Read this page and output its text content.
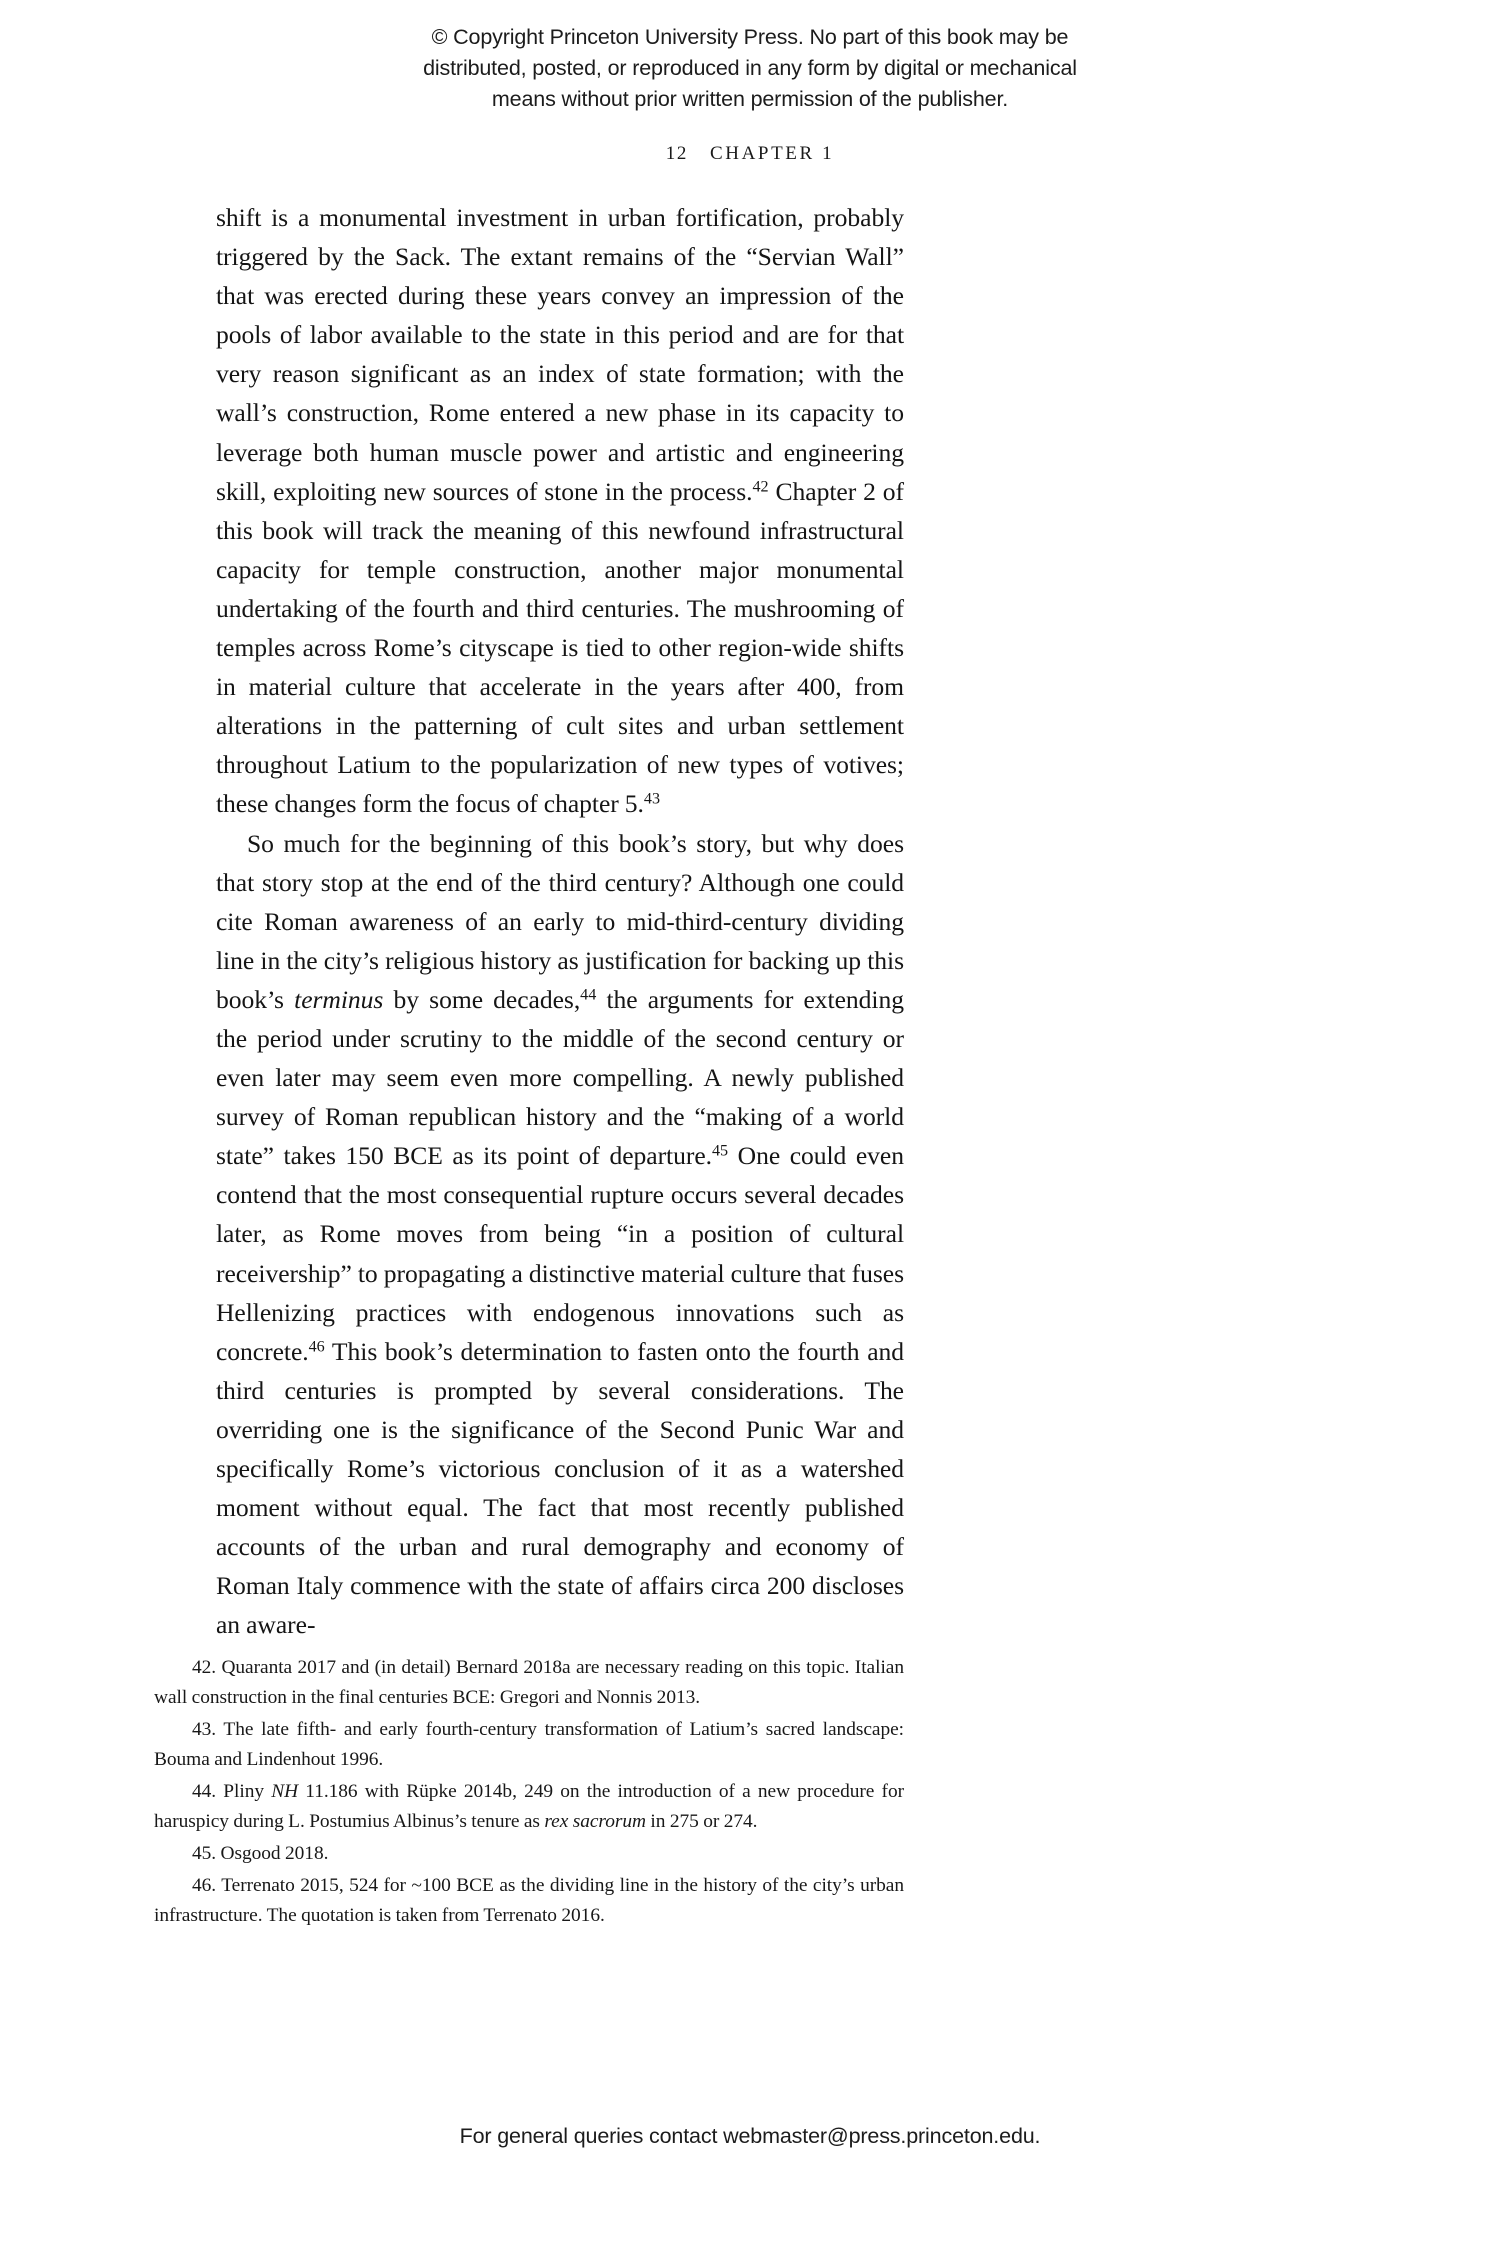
© Copyright Princeton University Press. No part of this book may be
distributed, posted, or reproduced in any form by digital or mechanical
means without prior written permission of the publisher.
12 CHAPTER 1

shift is a monumental investment in urban fortification, probably triggered by the Sack. The extant remains of the “Servian Wall” that was erected during these years convey an impression of the pools of labor available to the state in this period and are for that very reason significant as an index of state formation; with the wall’s construction, Rome entered a new phase in its capacity to leverage both human muscle power and artistic and engineering skill, exploiting new sources of stone in the process.$^{42}$ Chapter 2 of this book will track the meaning of this newfound infrastructural capacity for temple construction, another major monumental undertaking of the fourth and third centuries. The mushrooming of temples across Rome’s cityscape is tied to other region-wide shifts in material culture that accelerate in the years after 400, from alterations in the patterning of cult sites and urban settlement throughout Latium to the popularization of new types of votives; these changes form the focus of chapter 5.43

So much for the beginning of this book’s story, but why does that story stop at the end of the third century? Although one could cite Roman awareness of an early to mid-third-century dividing line in the city’s religious history as justification for backing up this book’s terminus by some decades,$^{44}$ the arguments for extending the period under scrutiny to the middle of the second century or even later may seem even more compelling. A newly published survey of Roman republican history and the “making of a world state” takes 150 BCE as its point of departure.$^{45}$ One could even contend that the most consequential rupture occurs several decades later, as Rome moves from being “in a position of cultural receivership” to propagating a distinctive material culture that fuses Hellenizing practices with endogenous innovations such as concrete.$^{46}$ This book’s determination to fasten onto the fourth and third centuries is prompted by several considerations. The overriding one is the significance of the Second Punic War and specifically Rome’s victorious conclusion of it as a watershed moment without equal. The fact that most recently published accounts of the urban and rural demography and economy of Roman Italy commence with the state of affairs circa 200 discloses an aware-

42. Quaranta 2017 and (in detail) Bernard 2018a are necessary reading on this topic. Italian wall construction in the final centuries BCE: Gregori and Nonnis 2013.

43. The late fifth- and early fourth-century transformation of Latium’s sacred landscape: Bouma and Lindenhout 1996.

44. Pliny NH 11.186 with Rüpke 2014b, 249 on the introduction of a new procedure for haruspicy during L. Postumius Albinus’s tenure as rex sacrorum in 275 or 274.

45. Osgood 2018.

46. Terrenato 2015, 524 for ~100 BCE as the dividing line in the history of the city’s urban infrastructure. The quotation is taken from Terrenato 2016.

For general queries contact webmaster@press.princeton.edu.
